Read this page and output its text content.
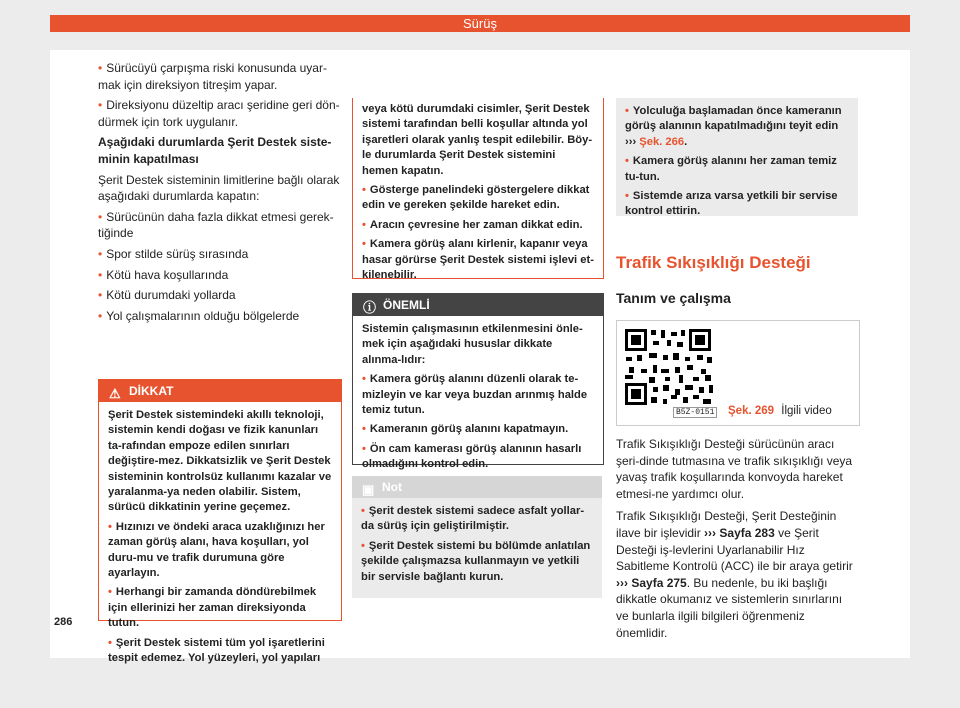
Sürüş
• Sürücüyü çarpışma riski konusunda uyar-mak için direksiyon titreşim yapar.
• Direksiyonu düzeltip aracı şeridine geri dön-dürmek için tork uygulanır.

Aşağıdaki durumlarda Şerit Destek siste-minin kapatılması

Şerit Destek sisteminin limitlerine bağlı olarak aşağıdaki durumlarda kapatın:

• Sürücünün daha fazla dikkat etmesi gerek-tiğinde
• Spor stilde sürüş sırasında
• Kötü hava koşullarında
• Kötü durumdaki yollarda
• Yol çalışmalarının olduğu bölgelerde
⚠ DİKKAT

Şerit Destek sistemindeki akıllı teknoloji, sistemin kendi doğası ve fizik kanunları ta-rafından empoze edilen sınırları değiştire-mez. Dikkatsizlik ve Şerit Destek sisteminin kontrolsüz kullanımı kazalar ve yaralanma-ya neden olabilir. Sistem, sürücü dikkatinin yerine geçemez.

• Hızınızı ve öndeki araca uzaklığınızı her zaman görüş alanı, hava koşulları, yol duru-mu ve trafik durumuna göre ayarlayın.
• Herhangi bir zamanda döndürebilmek için ellerinizi her zaman direksiyonda tutun.
• Şerit Destek sistemi tüm yol işaretlerini tespit edemez. Yol yüzeyleri, yol yapıları
286

veya kötü durumdaki cisimler, Şerit Destek sistemi tarafından belli koşullar altında yol işaretleri olarak yanlış tespit edilebilir. Böy-le durumlarda Şerit Destek sistemini hemen kapatın.

• Gösterge panelindeki göstergelere dikkat edin ve gereken şekilde hareket edin.
• Aracın çevresine her zaman dikkat edin.
• Kamera görüş alanı kirlenir, kapanır veya hasar görürse Şerit Destek sistemi işlevi et-kilenebilir.
ⓘ ÖNEMLİ

Sistemin çalışmasının etkilenmesini önle-mek için aşağıdaki hususlar dikkate alınma-lıdır:

• Kamera görüş alanını düzenli olarak te-mizleyin ve kar veya buzdan arınmış halde temiz tutun.
• Kameranın görüş alanını kapatmayın.
• Ön cam kamerası görüş alanının hasarlı olmadığını kontrol edin.
▣ Not
• Şerit destek sistemi sadece asfalt yollar-da sürüş için geliştirilmiştir.
• Şerit Destek sistemi bu bölümde anlatılan şekilde çalışmazsa kullanmayın ve yetkili bir servisle bağlantı kurun.
• Yolculuğa başlamadan önce kameranın görüş alanının kapatılmadığını teyit edin ››› Şek. 266.
• Kamera görüş alanını her zaman temiz tu-tun.
• Sistemde arıza varsa yetkili bir servise kontrol ettirin.
Trafik Sıkışıklığı Desteği
Tanım ve çalışma
B5Z-0151 Şek. 269 İlgili video

Trafik Sıkışıklığı Desteği sürücünün aracı şeri-dinde tutmasına ve trafik sıkışıklığı veya yavaş trafik koşullarında konvoyda hareket etmesi-ne yardımcı olur.

Trafik Sıkışıklığı Desteği, Şerit Desteğinin ilave bir işlevidir ››› Sayfa 283 ve Şerit Desteği iş-levlerini Uyarlanabilir Hız Sabitleme Kontrolü (ACC) ile bir araya getirir ››› Sayfa 275. Bu nedenle, bu iki başlığı dikkatle okumanız ve sistemlerin sınırlarını ve bunlarla ilgili bilgileri öğrenmeniz önemlidir.
